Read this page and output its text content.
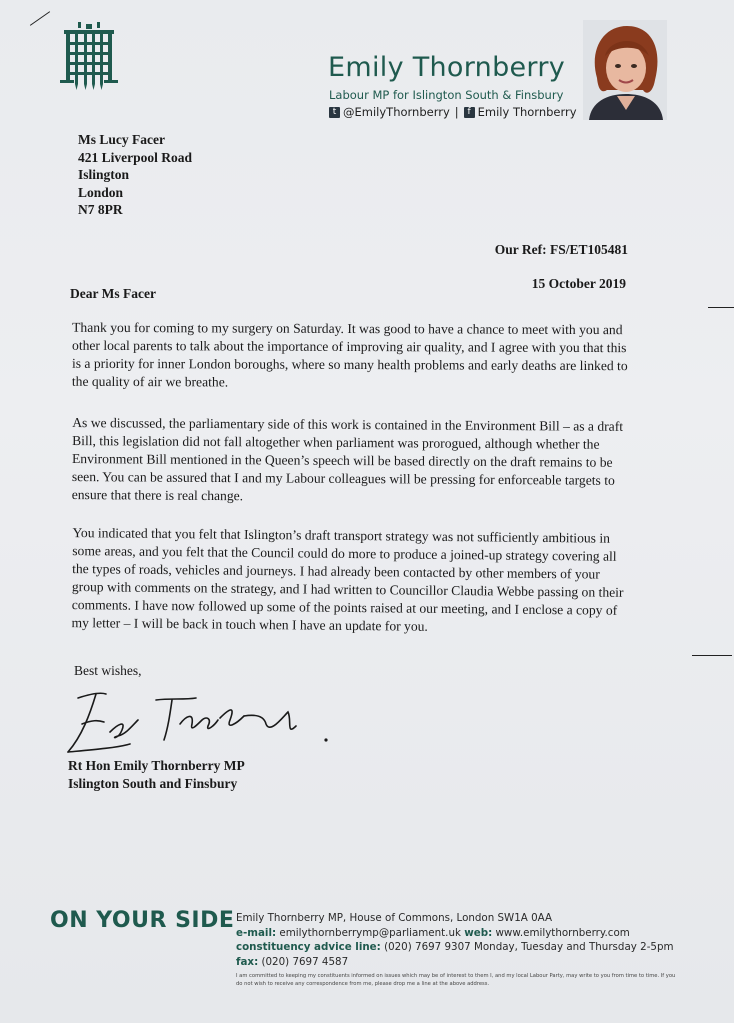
Emily Thornberry
Labour MP for Islington South & Finsbury
t @EmilyThornberry | f Emily Thornberry
Ms Lucy Facer
421 Liverpool Road
Islington
London
N7 8PR
Our Ref: FS/ET105481
15 October 2019
Dear Ms Facer

Thank you for coming to my surgery on Saturday. It was good to have a chance to meet with you and other local parents to talk about the importance of improving air quality, and I agree with you that this is a priority for inner London boroughs, where so many health problems and early deaths are linked to the quality of air we breathe.

As we discussed, the parliamentary side of this work is contained in the Environment Bill – as a draft Bill, this legislation did not fall altogether when parliament was prorogued, although whether the Environment Bill mentioned in the Queen’s speech will be based directly on the draft remains to be seen. You can be assured that I and my Labour colleagues will be pressing for enforceable targets to ensure that there is real change.

You indicated that you felt that Islington’s draft transport strategy was not sufficiently ambitious in some areas, and you felt that the Council could do more to produce a joined-up strategy covering all the types of roads, vehicles and journeys. I had already been contacted by other members of your group with comments on the strategy, and I had written to Councillor Claudia Webbe passing on their comments. I have now followed up some of the points raised at our meeting, and I enclose a copy of my letter – I will be back in touch when I have an update for you.

Best wishes,
Rt Hon Emily Thornberry MP
Islington South and Finsbury
ON YOUR SIDE Emily Thornberry MP, House of Commons, London SW1A 0AA
e-mail: emilythornberrymp@parliament.uk web: www.emilythornberry.com
constituency advice line: (020) 7697 9307 Monday, Tuesday and Thursday 2-5pm
fax: (020) 7697 4587
I am committed to keeping my constituents informed on issues which may be of interest to them I, and my local Labour Party, may write to you from time to time. If you do not wish to receive any correspondence from me, please drop me a line at the above address.
